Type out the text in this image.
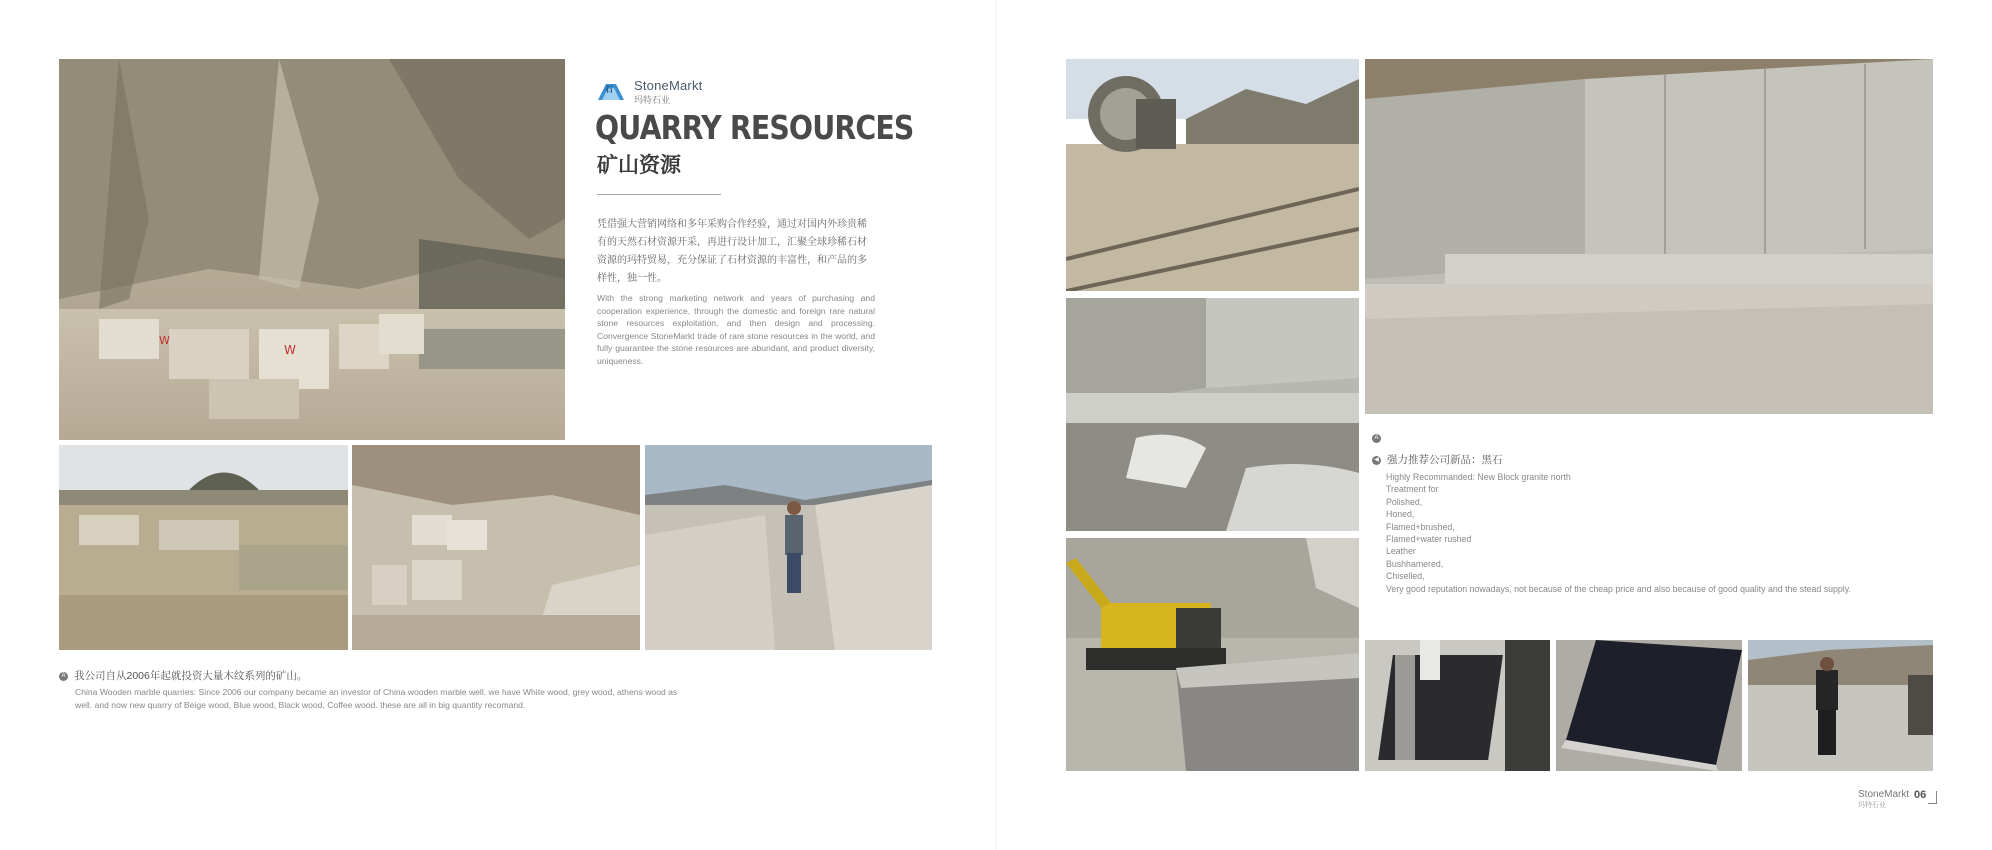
W
W
石 StoneMarkt
玛特石业
QUARRY RESOURCES
矿山资源
凭借强大营销网络和多年采购合作经验，通过对国内外珍贵稀有的天然石材资源开采，再进行设计加工，汇聚全球珍稀石材资源的玛特贸易，充分保证了石材资源的丰富性，和产品的多样性，独一性。
With the strong marketing network and years of purchasing and cooperation experience, through the domestic and foreign rare natural stone resources exploitation, and then design and processing. Convergence StoneMarkt trade of rare stone resources in the world, and fully guarantee the stone resources are abundant, and product diversity, uniqueness.
A 我公司自从2006年起就投资大量木纹系列的矿山。
China Wooden marble quarries: Since 2006 our company became an investor of China wooden marble well. we have White wood, grey wood, athens wood as well. and now new quarry of Beige wood, Blue wood, Black wood, Coffee wood. these are all in big quantity recomand.
A
◀ 强力推荐公司新品：黑石
Highly Recommanded: New Block granite north
Treatment for
Polished,
Honed,
Flamed+brushed,
Flamed+water rushed
Leather
Bushhamered,
Chiselled,
Very good reputation nowadays, not because of the cheap price and also because of good quality and the stead supply.
StoneMarkt
玛特石业
06
